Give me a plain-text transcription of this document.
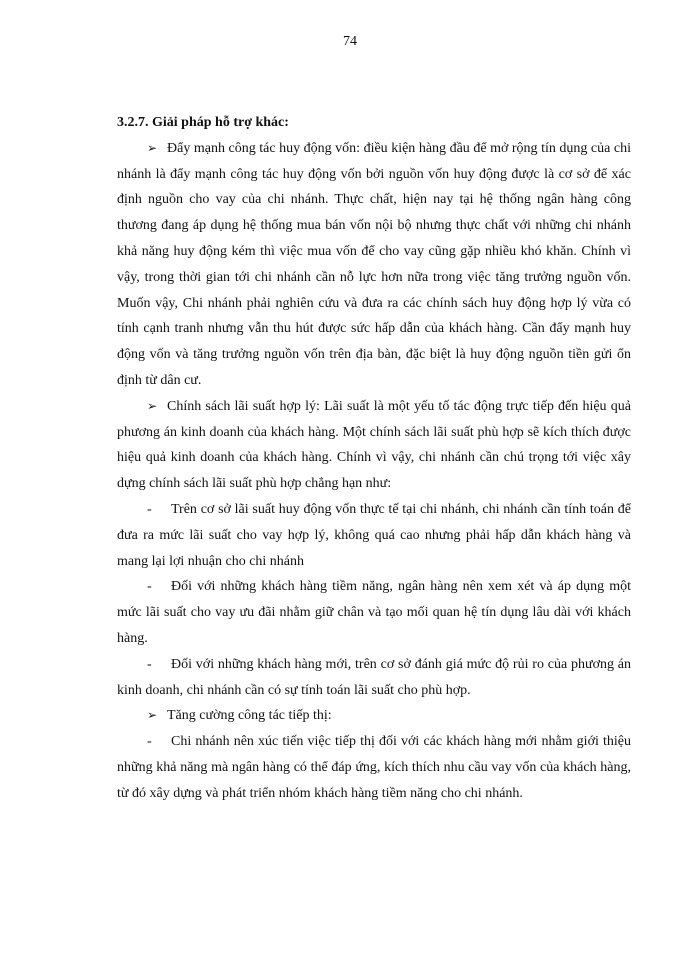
74

3.2.7. Giải pháp hỗ trợ khác:

➢ Đẩy mạnh công tác huy động vốn: điều kiện hàng đầu để mở rộng tín dụng của chi nhánh là đẩy mạnh công tác huy động vốn bởi nguồn vốn huy động được là cơ sở để xác định nguồn cho vay của chi nhánh. Thực chất, hiện nay tại hệ thống ngân hàng công thương đang áp dụng hệ thống mua bán vốn nội bộ nhưng thực chất với những chi nhánh khả năng huy động kém thì việc mua vốn để cho vay cũng gặp nhiều khó khăn. Chính vì vậy, trong thời gian tới chi nhánh cần nỗ lực hơn nữa trong việc tăng trưởng nguồn vốn. Muốn vậy, Chi nhánh phải nghiên cứu và đưa ra các chính sách huy động hợp lý vừa có tính cạnh tranh nhưng vẫn thu hút được sức hấp dẫn của khách hàng. Cần đẩy mạnh huy động vốn và tăng trưởng nguồn vốn trên địa bàn, đặc biệt là huy động nguồn tiền gửi ổn định từ dân cư.

➢ Chính sách lãi suất hợp lý: Lãi suất là một yếu tố tác động trực tiếp đến hiệu quả phương án kinh doanh của khách hàng. Một chính sách lãi suất phù hợp sẽ kích thích được hiệu quả kinh doanh của khách hàng. Chính vì vậy, chi nhánh cần chú trọng tới việc xây dựng chính sách lãi suất phù hợp chẳng hạn như:

- Trên cơ sở lãi suất huy động vốn thực tế tại chi nhánh, chi nhánh cần tính toán để đưa ra mức lãi suất cho vay hợp lý, không quá cao nhưng phải hấp dẫn khách hàng và mang lại lợi nhuận cho chi nhánh

- Đối với những khách hàng tiềm năng, ngân hàng nên xem xét và áp dụng một mức lãi suất cho vay ưu đãi nhằm giữ chân và tạo mối quan hệ tín dụng lâu dài với khách hàng.

- Đối với những khách hàng mới, trên cơ sở đánh giá mức độ rủi ro của phương án kinh doanh, chi nhánh cần có sự tính toán lãi suất cho phù hợp.

➢ Tăng cường công tác tiếp thị:

- Chi nhánh nên xúc tiến việc tiếp thị đối với các khách hàng mới nhằm giới thiệu những khả năng mà ngân hàng có thể đáp ứng, kích thích nhu cầu vay vốn của khách hàng, từ đó xây dựng và phát triển nhóm khách hàng tiềm năng cho chi nhánh.
